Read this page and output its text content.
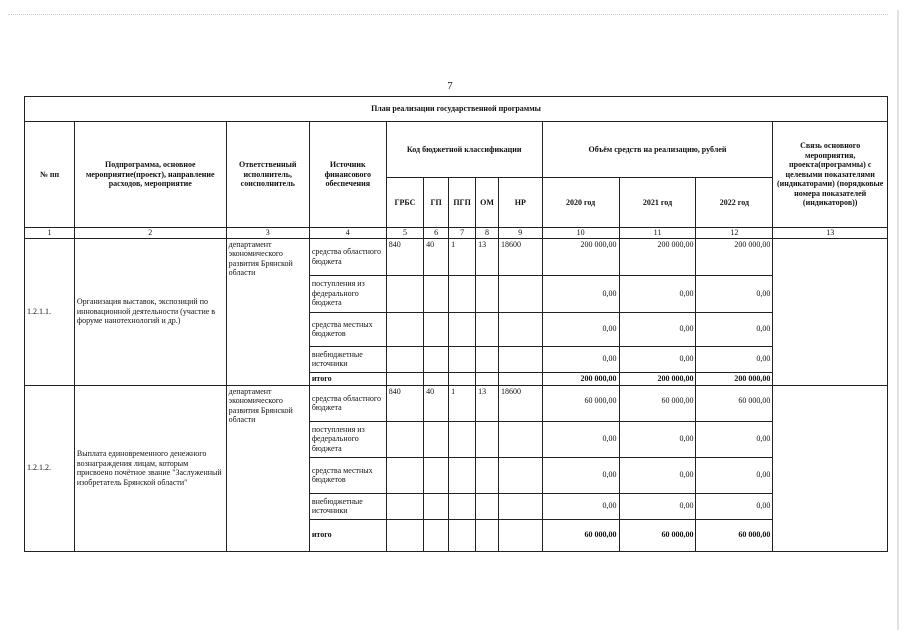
7
План реализации государственной программы												
№ пп	Подпрограмма, основное мероприятие(проект), направление расходов, мероприятие	Ответственный исполнитель, соисполнитель	Источник финансового обеспечения	Код бюджетной классификации					Объём средств на реализацию, рублей			Связь основного мероприятия, проекта(программы) с целевыми показателями (индикаторами) (порядковые номера показателей (индикаторов))
				ГРБС	ГП	ПГП	ОМ	НР	2020 год	2021 год	2022 год	
1	2	3	4	5	6	7	8	9	10	11	12	13
1.2.1.1.	Организация выставок, экспозиций по инновационной деятельности (участие в форуме нанотехнологий и др.)	департамент экономического развития Брянской области	средства областного бюджета	840	40	1	13	18600	200 000,00	200 000,00	200 000,00	
			поступления из федерального бюджета						0,00	0,00	0,00	
			средства местных бюджетов						0,00	0,00	0,00	
			внебюджетные источники						0,00	0,00	0,00	
			итого						200 000,00	200 000,00	200 000,00	
1.2.1.2.	Выплата единовременного денежного вознаграждения лицам, которым присвоено почётное звание "Заслуженный изобретатель Брянской области"	департамент экономического развития Брянской области	средства областного бюджета	840	40	1	13	18600	60 000,00	60 000,00	60 000,00	
			поступления из федерального бюджета						0,00	0,00	0,00	
			средства местных бюджетов						0,00	0,00	0,00	
			внебюджетные источники						0,00	0,00	0,00	
			итого						60 000,00	60 000,00	60 000,00	
